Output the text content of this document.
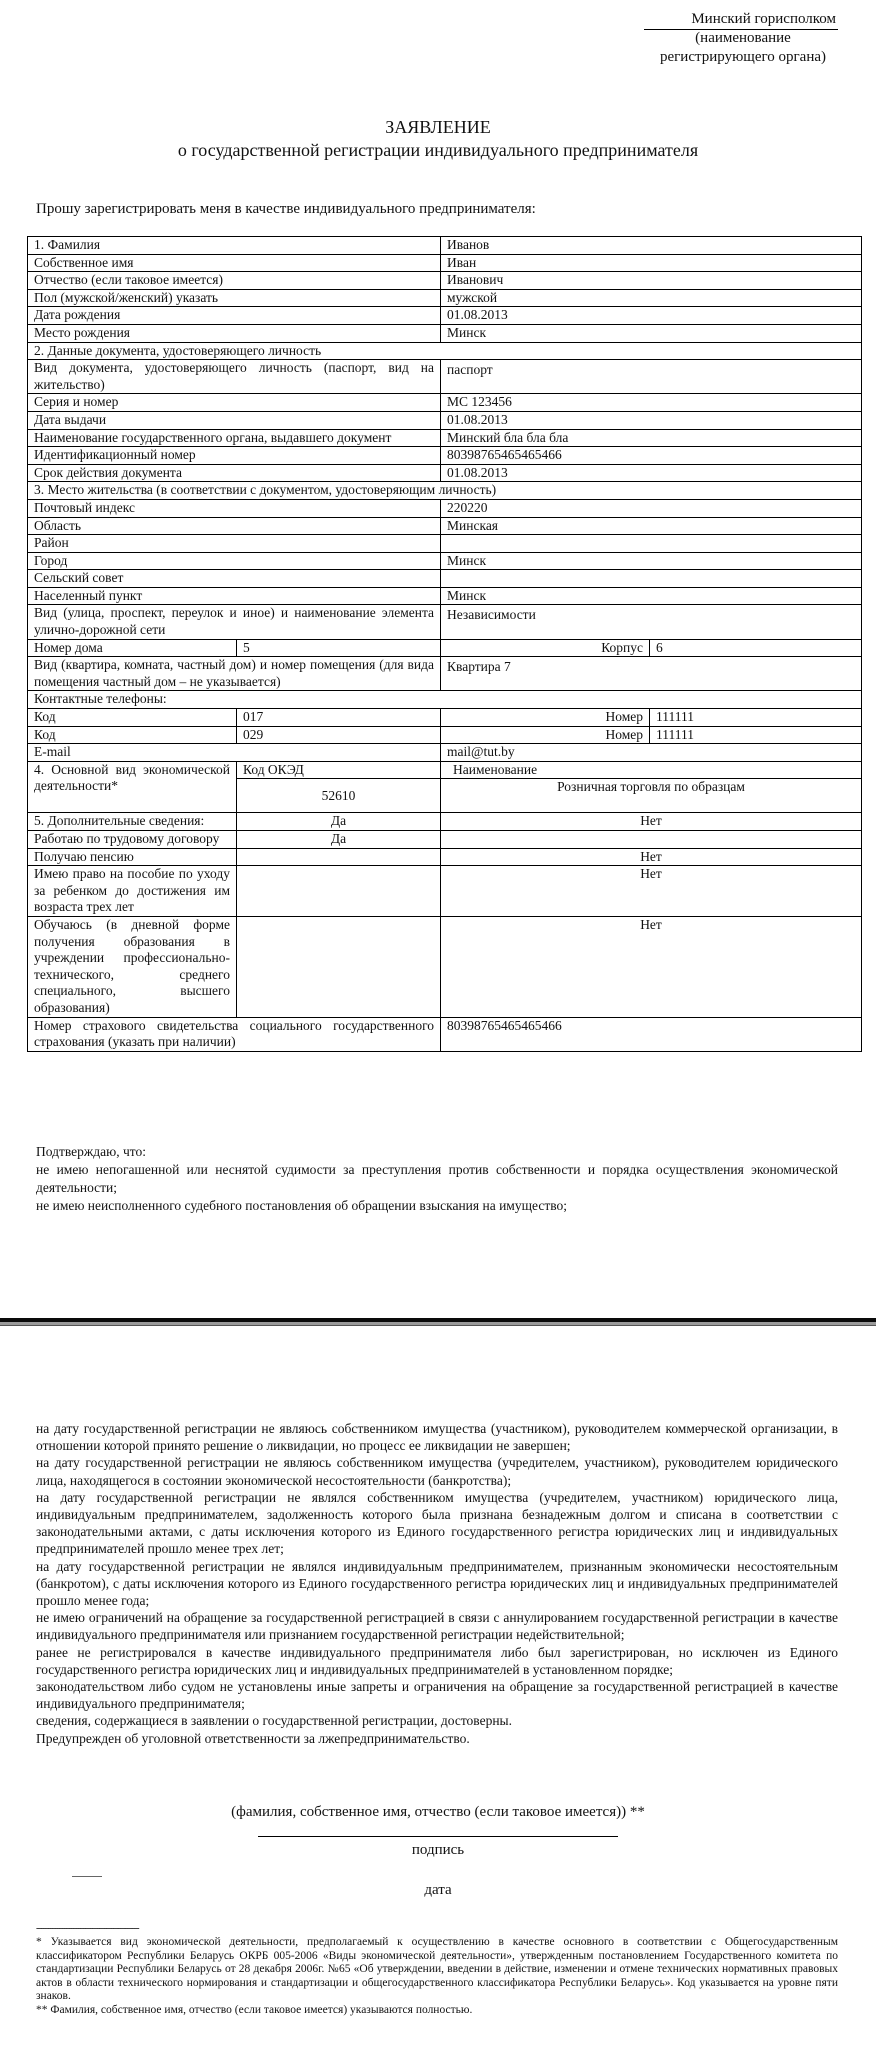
Минский горисполком
(наименование
регистрирующего органа)
ЗАЯВЛЕНИЕ
о государственной регистрации индивидуального предпринимателя
Прошу зарегистрировать меня в качестве индивидуального предпринимателя:
1. Фамилия		Иванов	
Собственное имя		Иван	
Отчество (если таковое имеется)		Иванович	
Пол (мужской/женский) указать		мужской	
Дата рождения		01.08.2013	
Место рождения		Минск	
2. Данные документа, удостоверяющего личность			
Вид документа, удостоверяющего личность (паспорт, вид на жительство)		паспорт	
Серия и номер		МС 123456	
Дата выдачи		01.08.2013	
Наименование государственного органа, выдавшего документ		Минский бла бла бла	
Идентификационный номер		80398765465465466	
Срок действия документа		01.08.2013	
3. Место жительства (в соответствии с документом, удостоверяющим личность)			
Почтовый индекс		220220	
Область		Минская	
Район			
Город		Минск	
Сельский совет			
Населенный пункт		Минск	
Вид (улица, проспект, переулок и иное) и наименование элемента улично-дорожной сети		Независимости	
Номер дома	5	Корпус	6
Вид (квартира, комната, частный дом) и номер помещения (для вида помещения частный дом – не указывается)		Квартира 7	
Контактные телефоны:			
Код	017	Номер	111111
Код	029	Номер	111111
E-mail		mail@tut.by	
4. Основной вид экономической деятельности*	Код ОКЭД	Наименование	
	52610	Розничная торговля по образцам	
5. Дополнительные сведения:	Да	Нет	
Работаю по трудовому договору	Да		
Получаю пенсию		Нет	
Имею право на пособие по уходу за ребенком до достижения им возраста трех лет		Нет	
Обучаюсь (в дневной форме получения образования в учреждении профессионально-технического, среднего специального, высшего образования)		Нет	
Номер страхового свидетельства социального государственного страхования (указать при наличии)		80398765465465466	
Подтверждаю, что:
не имею непогашенной или неснятой судимости за преступления против собственности и порядка осуществления экономической деятельности;
не имею неисполненного судебного постановления об обращении взыскания на имущество;

на дату государственной регистрации не являюсь собственником имущества (участником), руководителем коммерческой организации, в отношении которой принято решение о ликвидации, но процесс ее ликвидации не завершен;

на дату государственной регистрации не являюсь собственником имущества (учредителем, участником), руководителем юридического лица, находящегося в состоянии экономической несостоятельности (банкротства);

на дату государственной регистрации не являлся собственником имущества (учредителем, участником) юридического лица, индивидуальным предпринимателем, задолженность которого была признана безнадежным долгом и списана в соответствии с законодательными актами, с даты исключения которого из Единого государственного регистра юридических лиц и индивидуальных предпринимателей прошло менее трех лет;

на дату государственной регистрации не являлся индивидуальным предпринимателем, признанным экономически несостоятельным (банкротом), с даты исключения которого из Единого государственного регистра юридических лиц и индивидуальных предпринимателей прошло менее года;

не имею ограничений на обращение за государственной регистрацией в связи с аннулированием государственной регистрации в качестве индивидуального предпринимателя или признанием государственной регистрации недействительной;

ранее не регистрировался в качестве индивидуального предпринимателя либо был зарегистрирован, но исключен из Единого государственного регистра юридических лиц и индивидуальных предпринимателей в установленном порядке;

законодательством либо судом не установлены иные запреты и ограничения на обращение за государственной регистрацией в качестве индивидуального предпринимателя;

сведения, содержащиеся в заявлении о государственной регистрации, достоверны.

Предупрежден об уголовной ответственности за лжепредпринимательство.

(фамилия, собственное имя, отчество (если таковое имеется)) **
подпись
дата
--------------------------------------------

* Указывается вид экономической деятельности, предполагаемый к осуществлению в качестве основного в соответствии с Общегосударственным классификатором Республики Беларусь ОКРБ 005-2006 «Виды экономической деятельности», утвержденным постановлением Государственного комитета по стандартизации Республики Беларусь от 28 декабря 2006г. №65 «Об утверждении, введении в действие, изменении и отмене технических нормативных правовых актов в области технического нормирования и стандартизации и общегосударственного классификатора Республики Беларусь». Код указывается на уровне пяти знаков.

** Фамилия, собственное имя, отчество (если таковое имеется) указываются полностью.
